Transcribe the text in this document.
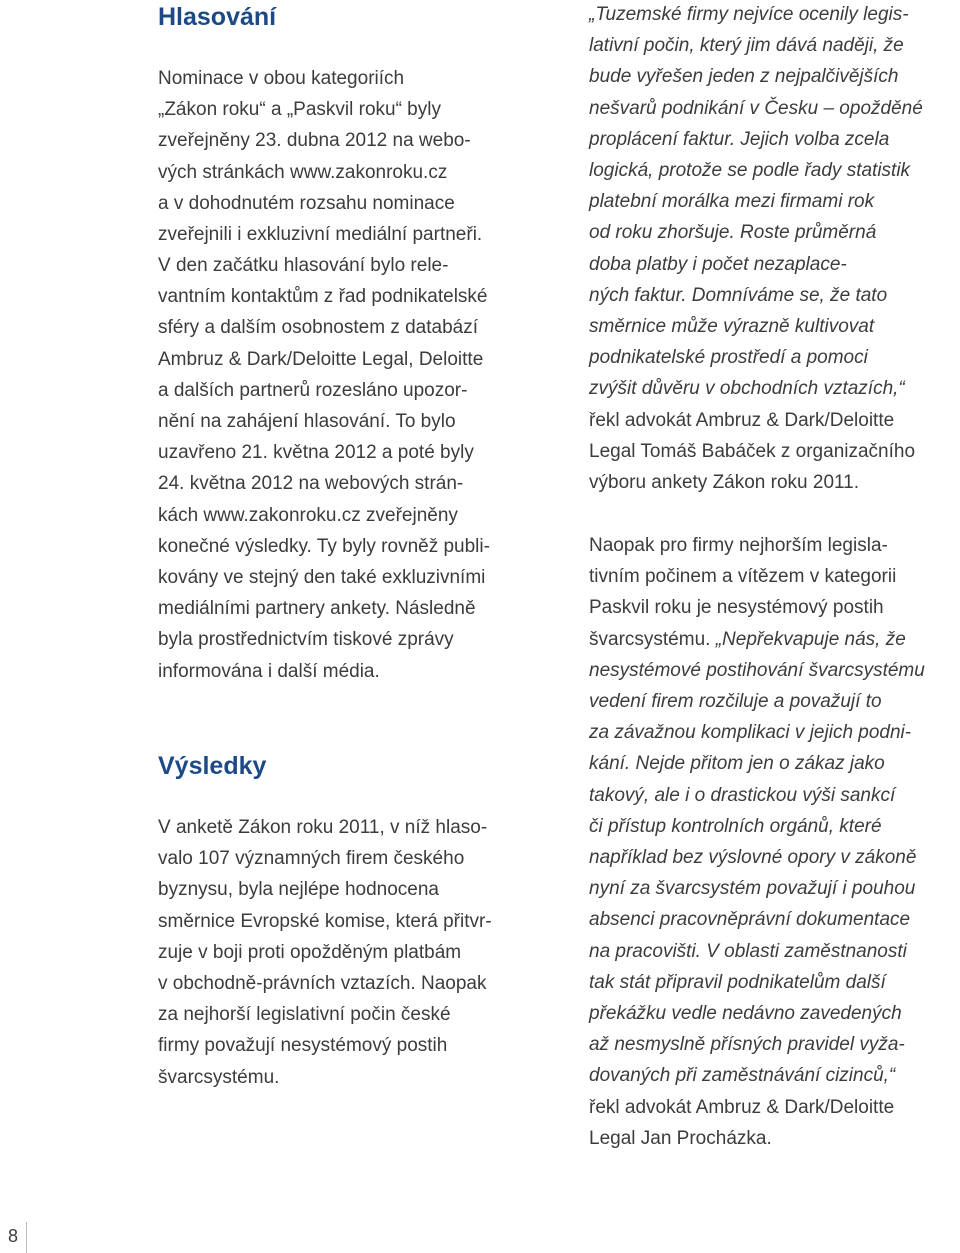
Hlasování

Nominace v obou kategoriích
„Zákon roku“ a „Paskvil roku“ byly
zveřejněny 23. dubna 2012 na webo-
vých stránkách www.zakonroku.cz
a v dohodnutém rozsahu nominace
zveřejnili i exkluzivní mediální partneři.

V den začátku hlasování bylo rele-
vantním kontaktům z řad podnikatelské
sféry a dalším osobnostem z databází
Ambruz & Dark/Deloitte Legal, Deloitte
a dalších partnerů rozesláno upozor-
nění na zahájení hlasování. To bylo
uzavřeno 21. května 2012 a poté byly
24. května 2012 na webových strán-
kách www.zakonroku.cz zveřejněny
konečné výsledky. Ty byly rovněž publi-
kovány ve stejný den také exkluzivními
mediálními partnery ankety. Následně
byla prostřednictvím tiskové zprávy
informována i další média.

Výsledky

V anketě Zákon roku 2011, v níž hlaso-
valo 107 významných firem českého
byznysu, byla nejlépe hodnocena
směrnice Evropské komise, která přitvr-
zuje v boji proti opožděným platbám
v obchodně-právních vztazích. Naopak
za nejhorší legislativní počin české
firmy považují nesystémový postih
švarcsystému.

„Tuzemské firmy nejvíce ocenily legis-
lativní počin, který jim dává naději, že
bude vyřešen jeden z nejpalčivějších
nešvarů podnikání v Česku – opožděné
proplácení faktur. Jejich volba zcela
logická, protože se podle řady statistik
platební morálka mezi firmami rok
od roku zhoršuje. Roste průměrná
doba platby i počet nezaplace-
ných faktur. Domníváme se, že tato
směrnice může výrazně kultivovat
podnikatelské prostředí a pomoci
zvýšit důvěru v obchodních vztazích,“
řekl advokát Ambruz & Dark/Deloitte
Legal Tomáš Babáček z organizačního
výboru ankety Zákon roku 2011.

Naopak pro firmy nejhorším legisla-
tivním počinem a vítězem v kategorii
Paskvil roku je nesystémový postih
švarcsystému. „Nepřekvapuje nás, že
nesystémové postihování švarcsystému
vedení firem rozčiluje a považují to
za závažnou komplikaci v jejich podni-
kání. Nejde přitom jen o zákaz jako
takový, ale i o drastickou výši sankcí
či přístup kontrolních orgánů, které
například bez výslovné opory v zákoně
nyní za švarcsystém považují i pouhou
absenci pracovněprávní dokumentace
na pracovišti. V oblasti zaměstnanosti
tak stát připravil podnikatelům další
překážku vedle nedávno zavedených
až nesmyslně přísných pravidel vyža-
dovaných při zaměstnávání cizinců,“
řekl advokát Ambruz & Dark/Deloitte
Legal Jan Procházka.

8
